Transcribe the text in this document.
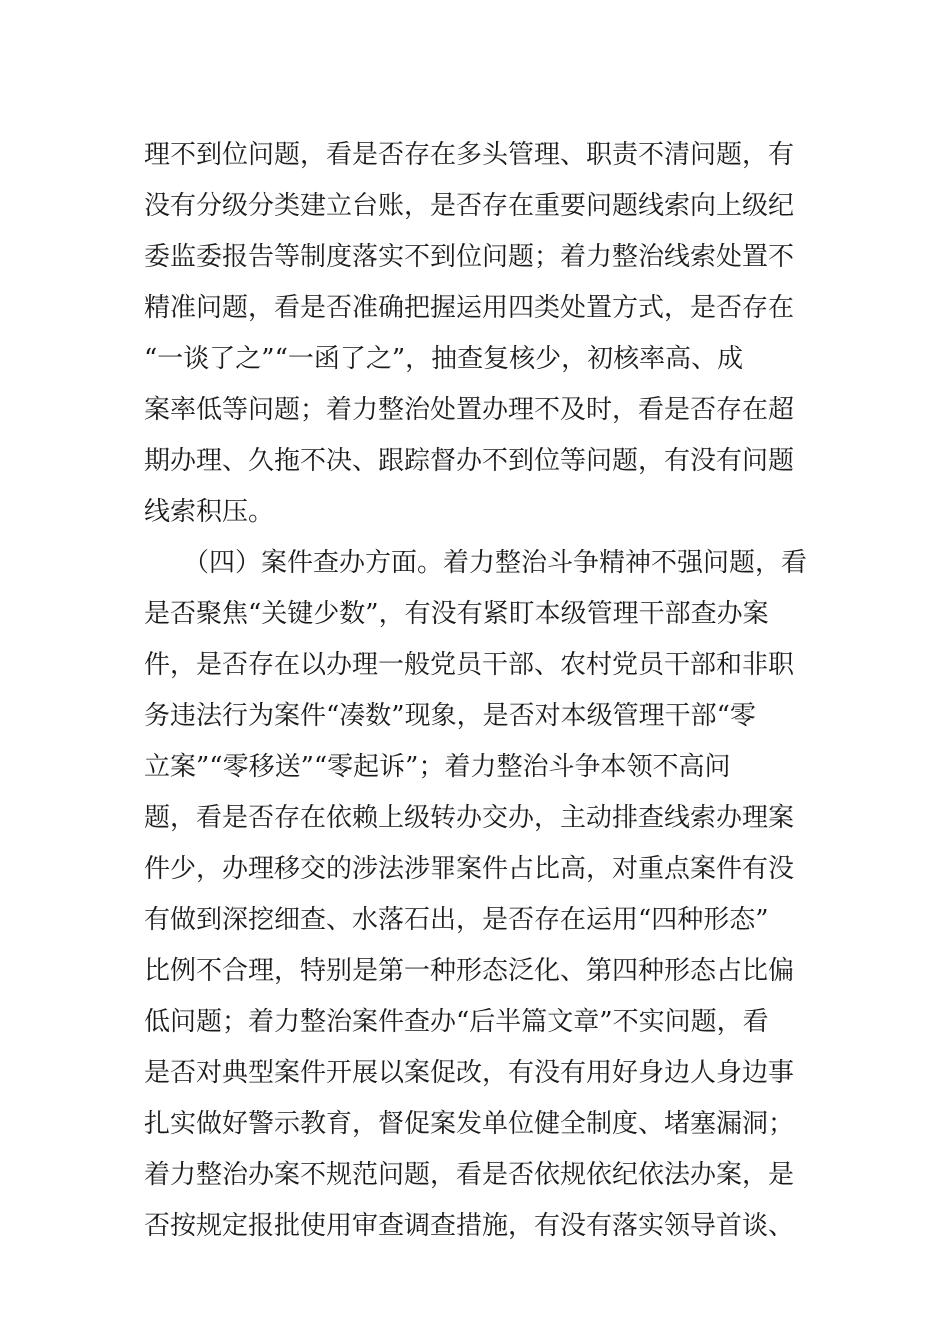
理不到位问题，看是否存在多头管理、职责不清问题，有
没有分级分类建立台账，是否存在重要问题线索向上级纪
委监委报告等制度落实不到位问题；着力整治线索处置不
精准问题，看是否准确把握运用四类处置方式，是否存在
“一谈了之”“一函了之”，抽查复核少，初核率高、成
案率低等问题；着力整治处置办理不及时，看是否存在超
期办理、久拖不决、跟踪督办不到位等问题，有没有问题
线索积压。
　　（四）案件查办方面。着力整治斗争精神不强问题，看
是否聚焦“关键少数”，有没有紧盯本级管理干部查办案
件，是否存在以办理一般党员干部、农村党员干部和非职
务违法行为案件“凑数”现象，是否对本级管理干部“零
立案”“零移送”“零起诉”；着力整治斗争本领不高问
题，看是否存在依赖上级转办交办，主动排查线索办理案
件少，办理移交的涉法涉罪案件占比高，对重点案件有没
有做到深挖细查、水落石出，是否存在运用“四种形态”
比例不合理，特别是第一种形态泛化、第四种形态占比偏
低问题；着力整治案件查办“后半篇文章”不实问题，看
是否对典型案件开展以案促改，有没有用好身边人身边事
扎实做好警示教育，督促案发单位健全制度、堵塞漏洞；
着力整治办案不规范问题，看是否依规依纪依法办案，是
否按规定报批使用审查调查措施，有没有落实领导首谈、
